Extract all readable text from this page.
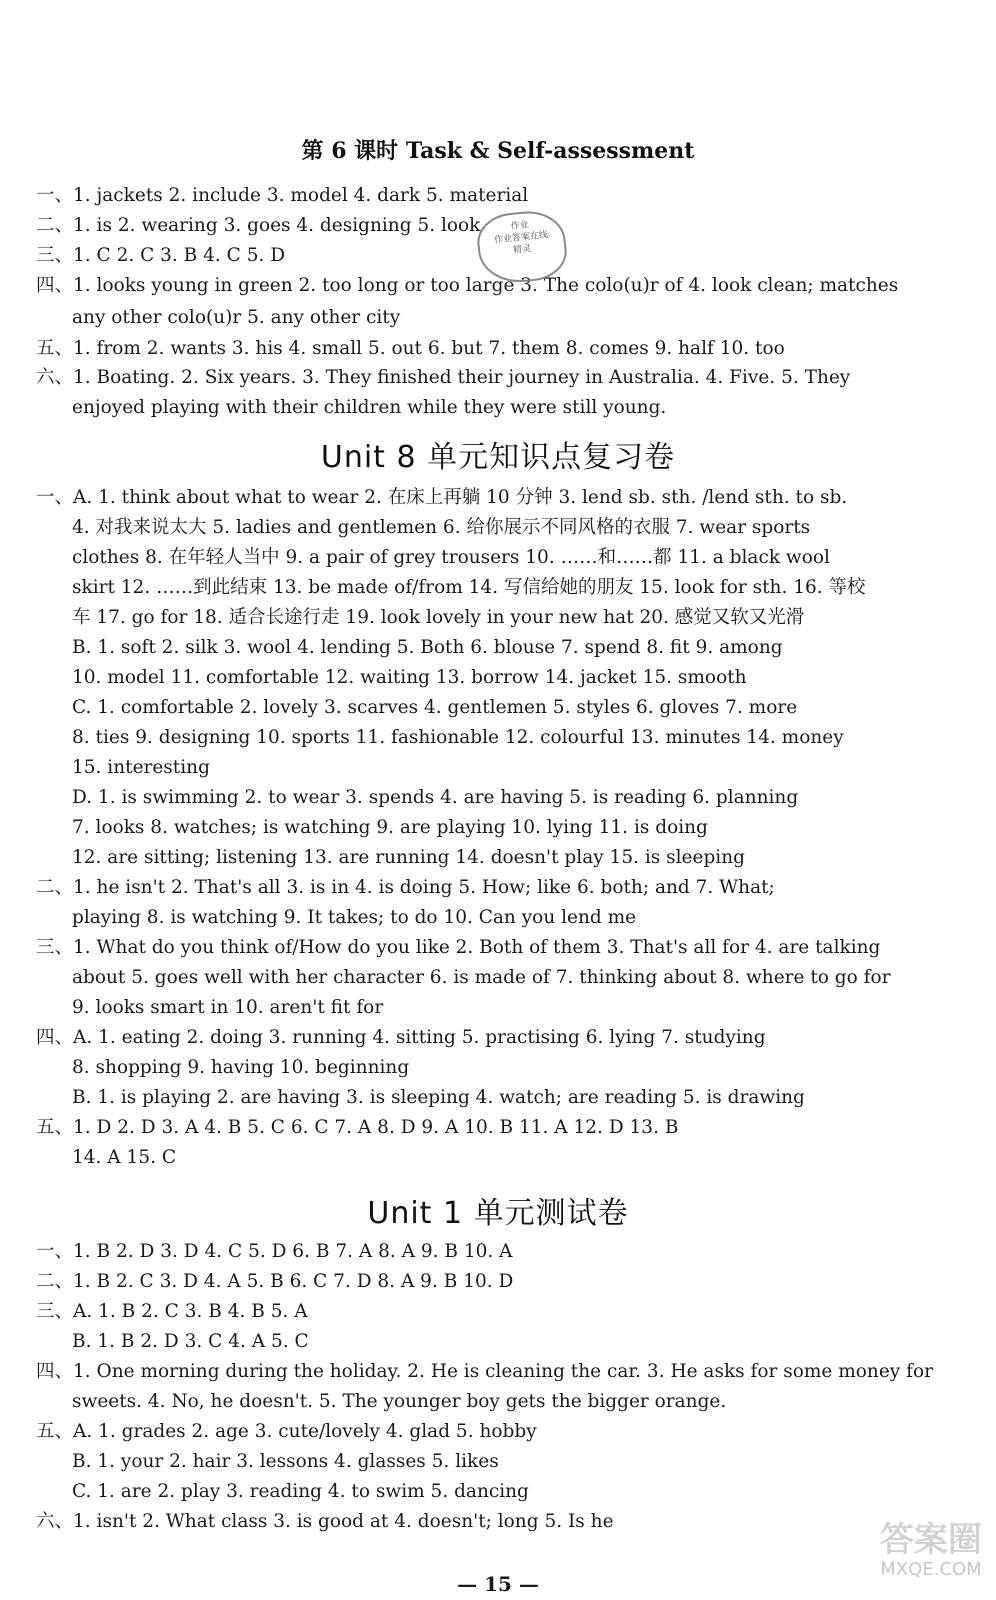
第 6 课时 Task & Self-assessment
一、1. jackets 2. include 3. model 4. dark 5. material
二、1. is 2. wearing 3. goes 4. designing 5. look
三、1. C 2. C 3. B 4. C 5. D
四、1. looks young in green 2. too long or too large 3. The colo(u)r of 4. look clean; matches
any other colo(u)r 5. any other city
五、1. from 2. wants 3. his 4. small 5. out 6. but 7. them 8. comes 9. half 10. too
六、1. Boating. 2. Six years. 3. They finished their journey in Australia. 4. Five. 5. They
enjoyed playing with their children while they were still young.
Unit 8 单元知识点复习卷
一、A. 1. think about what to wear 2. 在床上再躺 10 分钟 3. lend sb. sth. /lend sth. to sb.
4. 对我来说太大 5. ladies and gentlemen 6. 给你展示不同风格的衣服 7. wear sports
clothes 8. 在年轻人当中 9. a pair of grey trousers 10. ……和……都 11. a black wool
skirt 12. ……到此结束 13. be made of/from 14. 写信给她的朋友 15. look for sth. 16. 等校
车 17. go for 18. 适合长途行走 19. look lovely in your new hat 20. 感觉又软又光滑
B. 1. soft 2. silk 3. wool 4. lending 5. Both 6. blouse 7. spend 8. fit 9. among
10. model 11. comfortable 12. waiting 13. borrow 14. jacket 15. smooth
C. 1. comfortable 2. lovely 3. scarves 4. gentlemen 5. styles 6. gloves 7. more
8. ties 9. designing 10. sports 11. fashionable 12. colourful 13. minutes 14. money
15. interesting
D. 1. is swimming 2. to wear 3. spends 4. are having 5. is reading 6. planning
7. looks 8. watches; is watching 9. are playing 10. lying 11. is doing
12. are sitting; listening 13. are running 14. doesn't play 15. is sleeping
二、1. he isn't 2. That's all 3. is in 4. is doing 5. How; like 6. both; and 7. What;
playing 8. is watching 9. It takes; to do 10. Can you lend me
三、1. What do you think of/How do you like 2. Both of them 3. That's all for 4. are talking
about 5. goes well with her character 6. is made of 7. thinking about 8. where to go for
9. looks smart in 10. aren't fit for
四、A. 1. eating 2. doing 3. running 4. sitting 5. practising 6. lying 7. studying
8. shopping 9. having 10. beginning
B. 1. is playing 2. are having 3. is sleeping 4. watch; are reading 5. is drawing
五、1. D 2. D 3. A 4. B 5. C 6. C 7. A 8. D 9. A 10. B 11. A 12. D 13. B
14. A 15. C
Unit 1 单元测试卷
一、1. B 2. D 3. D 4. C 5. D 6. B 7. A 8. A 9. B 10. A
二、1. B 2. C 3. D 4. A 5. B 6. C 7. D 8. A 9. B 10. D
三、A. 1. B 2. C 3. B 4. B 5. A
B. 1. B 2. D 3. C 4. A 5. C
四、1. One morning during the holiday. 2. He is cleaning the car. 3. He asks for some money for
sweets. 4. No, he doesn't. 5. The younger boy gets the bigger orange.
五、A. 1. grades 2. age 3. cute/lovely 4. glad 5. hobby
B. 1. your 2. hair 3. lessons 4. glasses 5. likes
C. 1. are 2. play 3. reading 4. to swim 5. dancing
六、1. isn't 2. What class 3. is good at 4. doesn't; long 5. Is he
— 15 —
作业
作业答案在线
精灵
答案圈
MXQE.COM
